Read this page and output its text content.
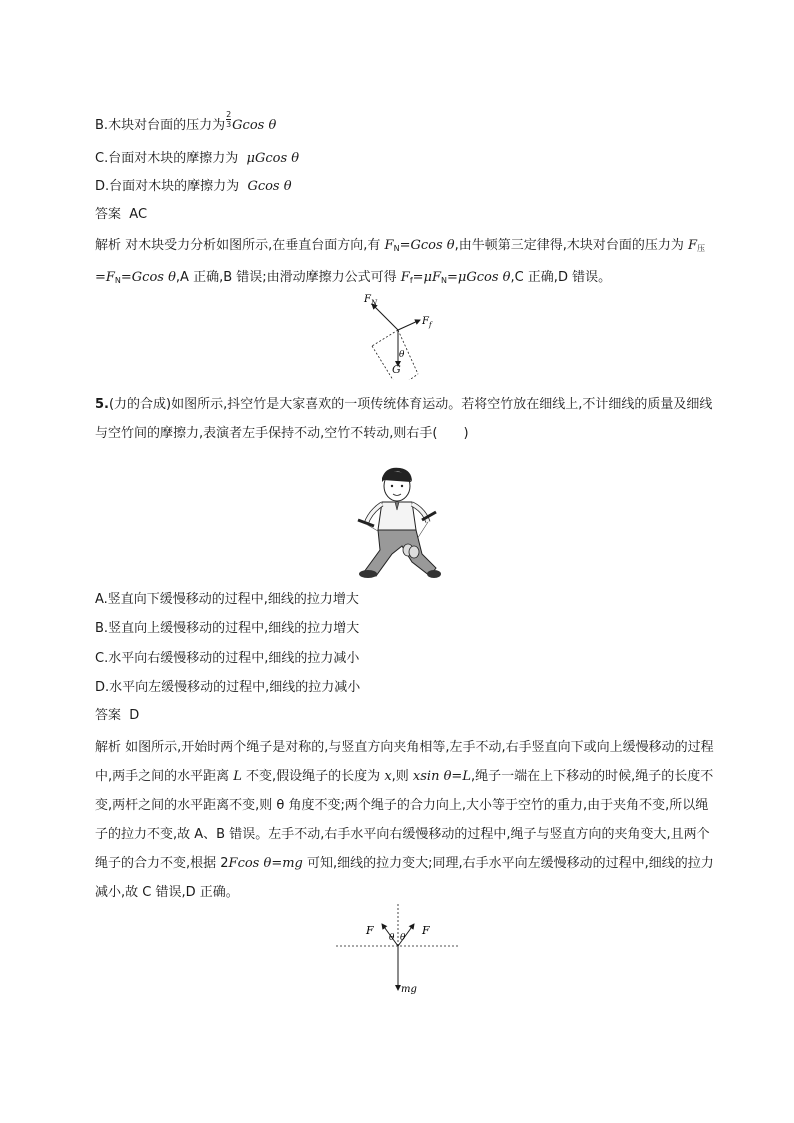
B.木块对台面的压力为 $\frac{2}{3}$ Gcos θ
C.台面对木块的摩擦力为 μGcos θ
D.台面对木块的摩擦力为 Gcos θ
答案 AC
解析 对木块受力分析如图所示,在垂直台面方向,有 $F_N=Gcos$ θ,由牛顿第三定律得,木块对台面的压力为 $F_压=F_N=Gcos$ θ,A 正确,B 错误;由滑动摩擦力公式可得 $F_f=\mu F_N=\mu Gcos$ θ,C 正确,D 错误。
$F_N$
$F_f$
θ
G
5.(力的合成)如图所示,抖空竹是大家喜欢的一项传统体育运动。若将空竹放在细线上,不计细线的质量及细线与空竹间的摩擦力,表演者左手保持不动,空竹不转动,则右手(　　)
A.竖直向下缓慢移动的过程中,细线的拉力增大
B.竖直向上缓慢移动的过程中,细线的拉力增大
C.水平向右缓慢移动的过程中,细线的拉力减小
D.水平向左缓慢移动的过程中,细线的拉力减小
答案 D
解析 如图所示,开始时两个绳子是对称的,与竖直方向夹角相等,左手不动,右手竖直向下或向上缓慢移动的过程中,两手之间的水平距离 L 不变,假设绳子的长度为 x,则 xsin θ=L,绳子一端在上下移动的时候,绳子的长度不变,两杆之间的水平距离不变,则 θ 角度不变;两个绳子的合力向上,大小等于空竹的重力,由于夹角不变,所以绳子的拉力不变,故 A、B 错误。左手不动,右手水平向右缓慢移动的过程中,绳子与竖直方向的夹角变大,且两个绳子的合力不变,根据 2Fcos θ=mg 可知,细线的拉力变大;同理,右手水平向左缓慢移动的过程中,细线的拉力减小,故 C 错误,D 正确。
F	F
θ θ
mg
